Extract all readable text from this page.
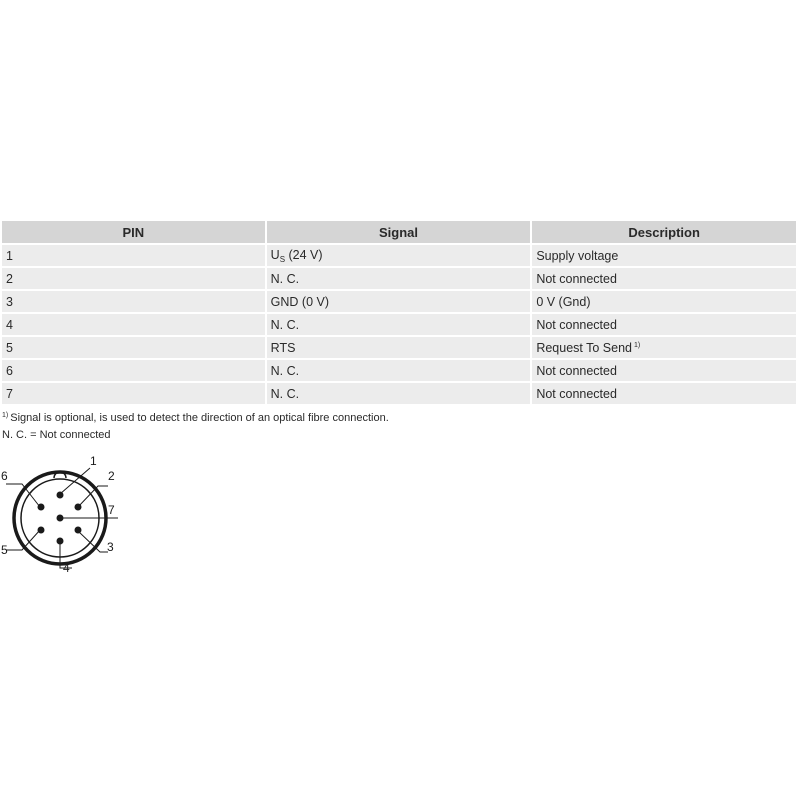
PIN	Signal	Description
1	$U_S$ (24 V)	Supply voltage
2	N. C.	Not connected
3	GND (0 V)	0 V (Gnd)
4	N. C.	Not connected
5	RTS	Request To Send $^{1)}$
6	N. C.	Not connected
7	N. C.	Not connected
$^{1)}$ Signal is optional, is used to detect the direction of an optical fibre connection.
N. C. = Not connected
1
2
3
4
5
6
7
